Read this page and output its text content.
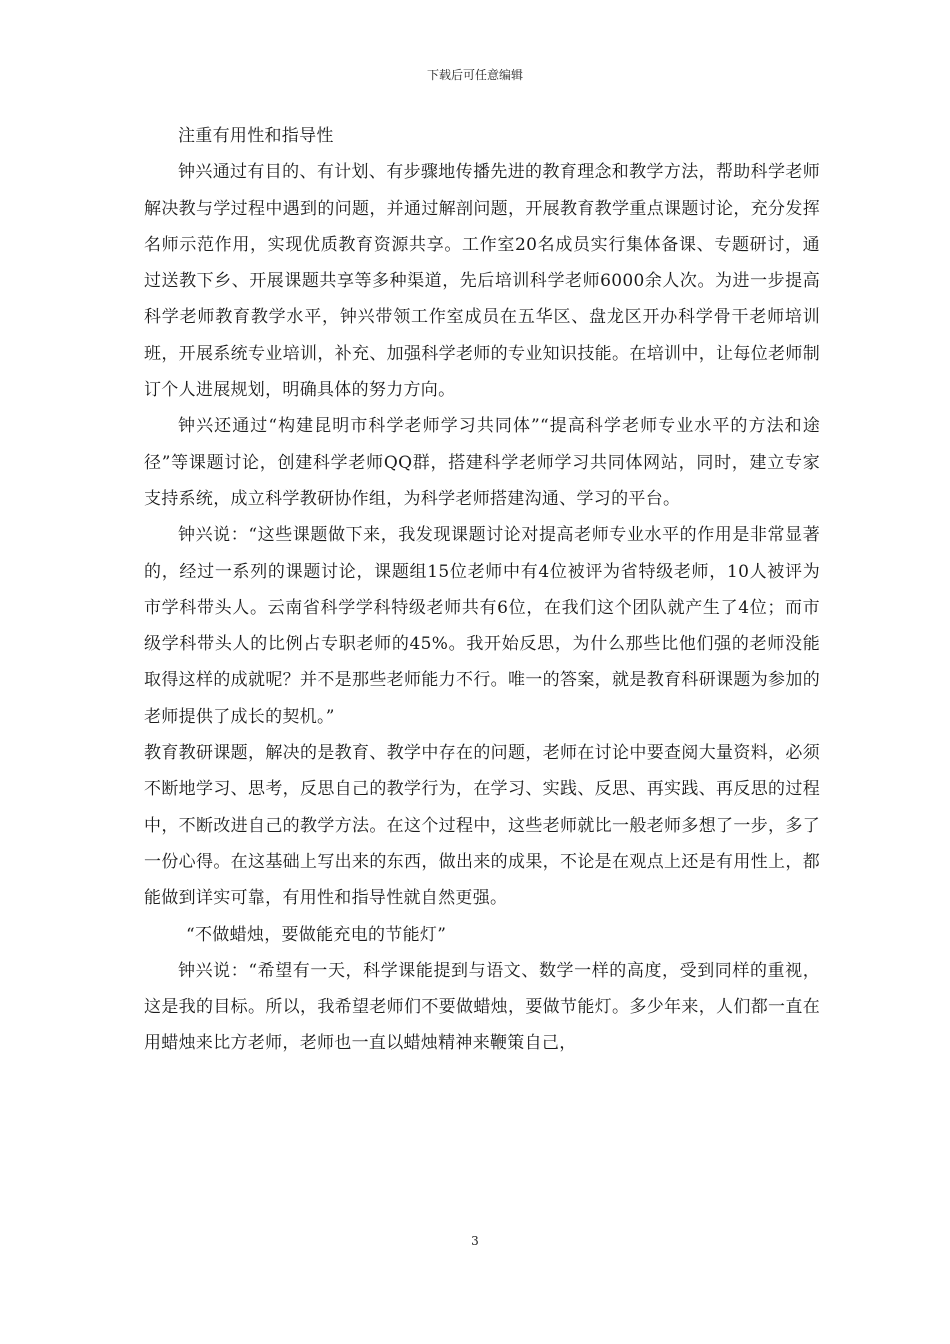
下载后可任意编辑

注重有用性和指导性

钟兴通过有目的、有计划、有步骤地传播先进的教育理念和教学方法，帮助科学老师解决教与学过程中遇到的问题，并通过解剖问题，开展教育教学重点课题讨论，充分发挥名师示范作用，实现优质教育资源共享。工作室20名成员实行集体备课、专题研讨，通过送教下乡、开展课题共享等多种渠道，先后培训科学老师6000余人次。为进一步提高科学老师教育教学水平，钟兴带领工作室成员在五华区、盘龙区开办科学骨干老师培训班，开展系统专业培训，补充、加强科学老师的专业知识技能。在培训中，让每位老师制订个人进展规划，明确具体的努力方向。

钟兴还通过“构建昆明市科学老师学习共同体”“提高科学老师专业水平的方法和途径”等课题讨论，创建科学老师QQ群，搭建科学老师学习共同体网站，同时，建立专家支持系统，成立科学教研协作组，为科学老师搭建沟通、学习的平台。

钟兴说：“这些课题做下来，我发现课题讨论对提高老师专业水平的作用是非常显著的，经过一系列的课题讨论，课题组15位老师中有4位被评为省特级老师，10人被评为市学科带头人。云南省科学学科特级老师共有6位，在我们这个团队就产生了4位；而市级学科带头人的比例占专职老师的45%。我开始反思，为什么那些比他们强的老师没能取得这样的成就呢？并不是那些老师能力不行。唯一的答案，就是教育科研课题为参加的老师提供了成长的契机。”

教育教研课题，解决的是教育、教学中存在的问题，老师在讨论中要查阅大量资料，必须不断地学习、思考，反思自己的教学行为，在学习、实践、反思、再实践、再反思的过程中，不断改进自己的教学方法。在这个过程中，这些老师就比一般老师多想了一步，多了一份心得。在这基础上写出来的东西，做出来的成果，不论是在观点上还是有用性上，都能做到详实可靠，有用性和指导性就自然更强。

“不做蜡烛，要做能充电的节能灯”

钟兴说：“希望有一天，科学课能提到与语文、数学一样的高度，受到同样的重视，这是我的目标。所以，我希望老师们不要做蜡烛，要做节能灯。多少年来，人们都一直在用蜡烛来比方老师，老师也一直以蜡烛精神来鞭策自己，

3
